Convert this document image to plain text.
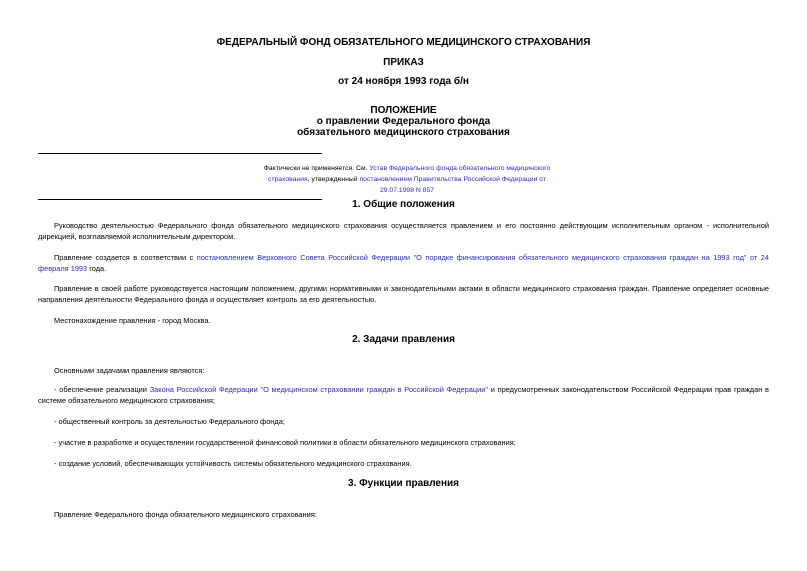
ФЕДЕРАЛЬНЫЙ ФОНД ОБЯЗАТЕЛЬНОГО МЕДИЦИНСКОГО СТРАХОВАНИЯ
ПРИКАЗ
от 24 ноября 1993 года б/н
ПОЛОЖЕНИЕ
о правлении Федерального фонда
обязательного медицинского страхования
Фактически не применяется. См. Устав Федерального фонда обязательного медицинского страхования, утвержденный постановлением Правительства Российской Федерации от 29.07.1998 N 857
1. Общие положения
Руководство деятельностью Федерального фонда обязательного медицинского страхования осуществляется правлением и его постоянно действующим исполнительным органом - исполнительной дирекцией, возглавляемой исполнительным директором.
Правление создается в соответствии с постановлением Верховного Совета Российской Федерации "О порядке финансирования обязательного медицинского страхования граждан на 1993 год" от 24 февраля 1993 года.
Правление в своей работе руководствуется настоящим положением, другими нормативными и законодательными актами в области медицинского страхования граждан. Правление определяет основные направления деятельности Федерального фонда и осуществляет контроль за его деятельностью.
Местонахождение правления - город Москва.
2. Задачи правления
Основными задачами правления являются:
- обеспечение реализации Закона Российской Федерации "О медицинском страховании граждан в Российской Федерации" и предусмотренных законодательством Российской Федерации прав граждан в системе обязательного медицинского страхования;
- общественный контроль за деятельностью Федерального фонда;
- участие в разработке и осуществлении государственной финансовой политики в области обязательного медицинского страхования;
- создание условий, обеспечивающих устойчивость системы обязательного медицинского страхования.
3. Функции правления
Правление Федерального фонда обязательного медицинского страхования:
